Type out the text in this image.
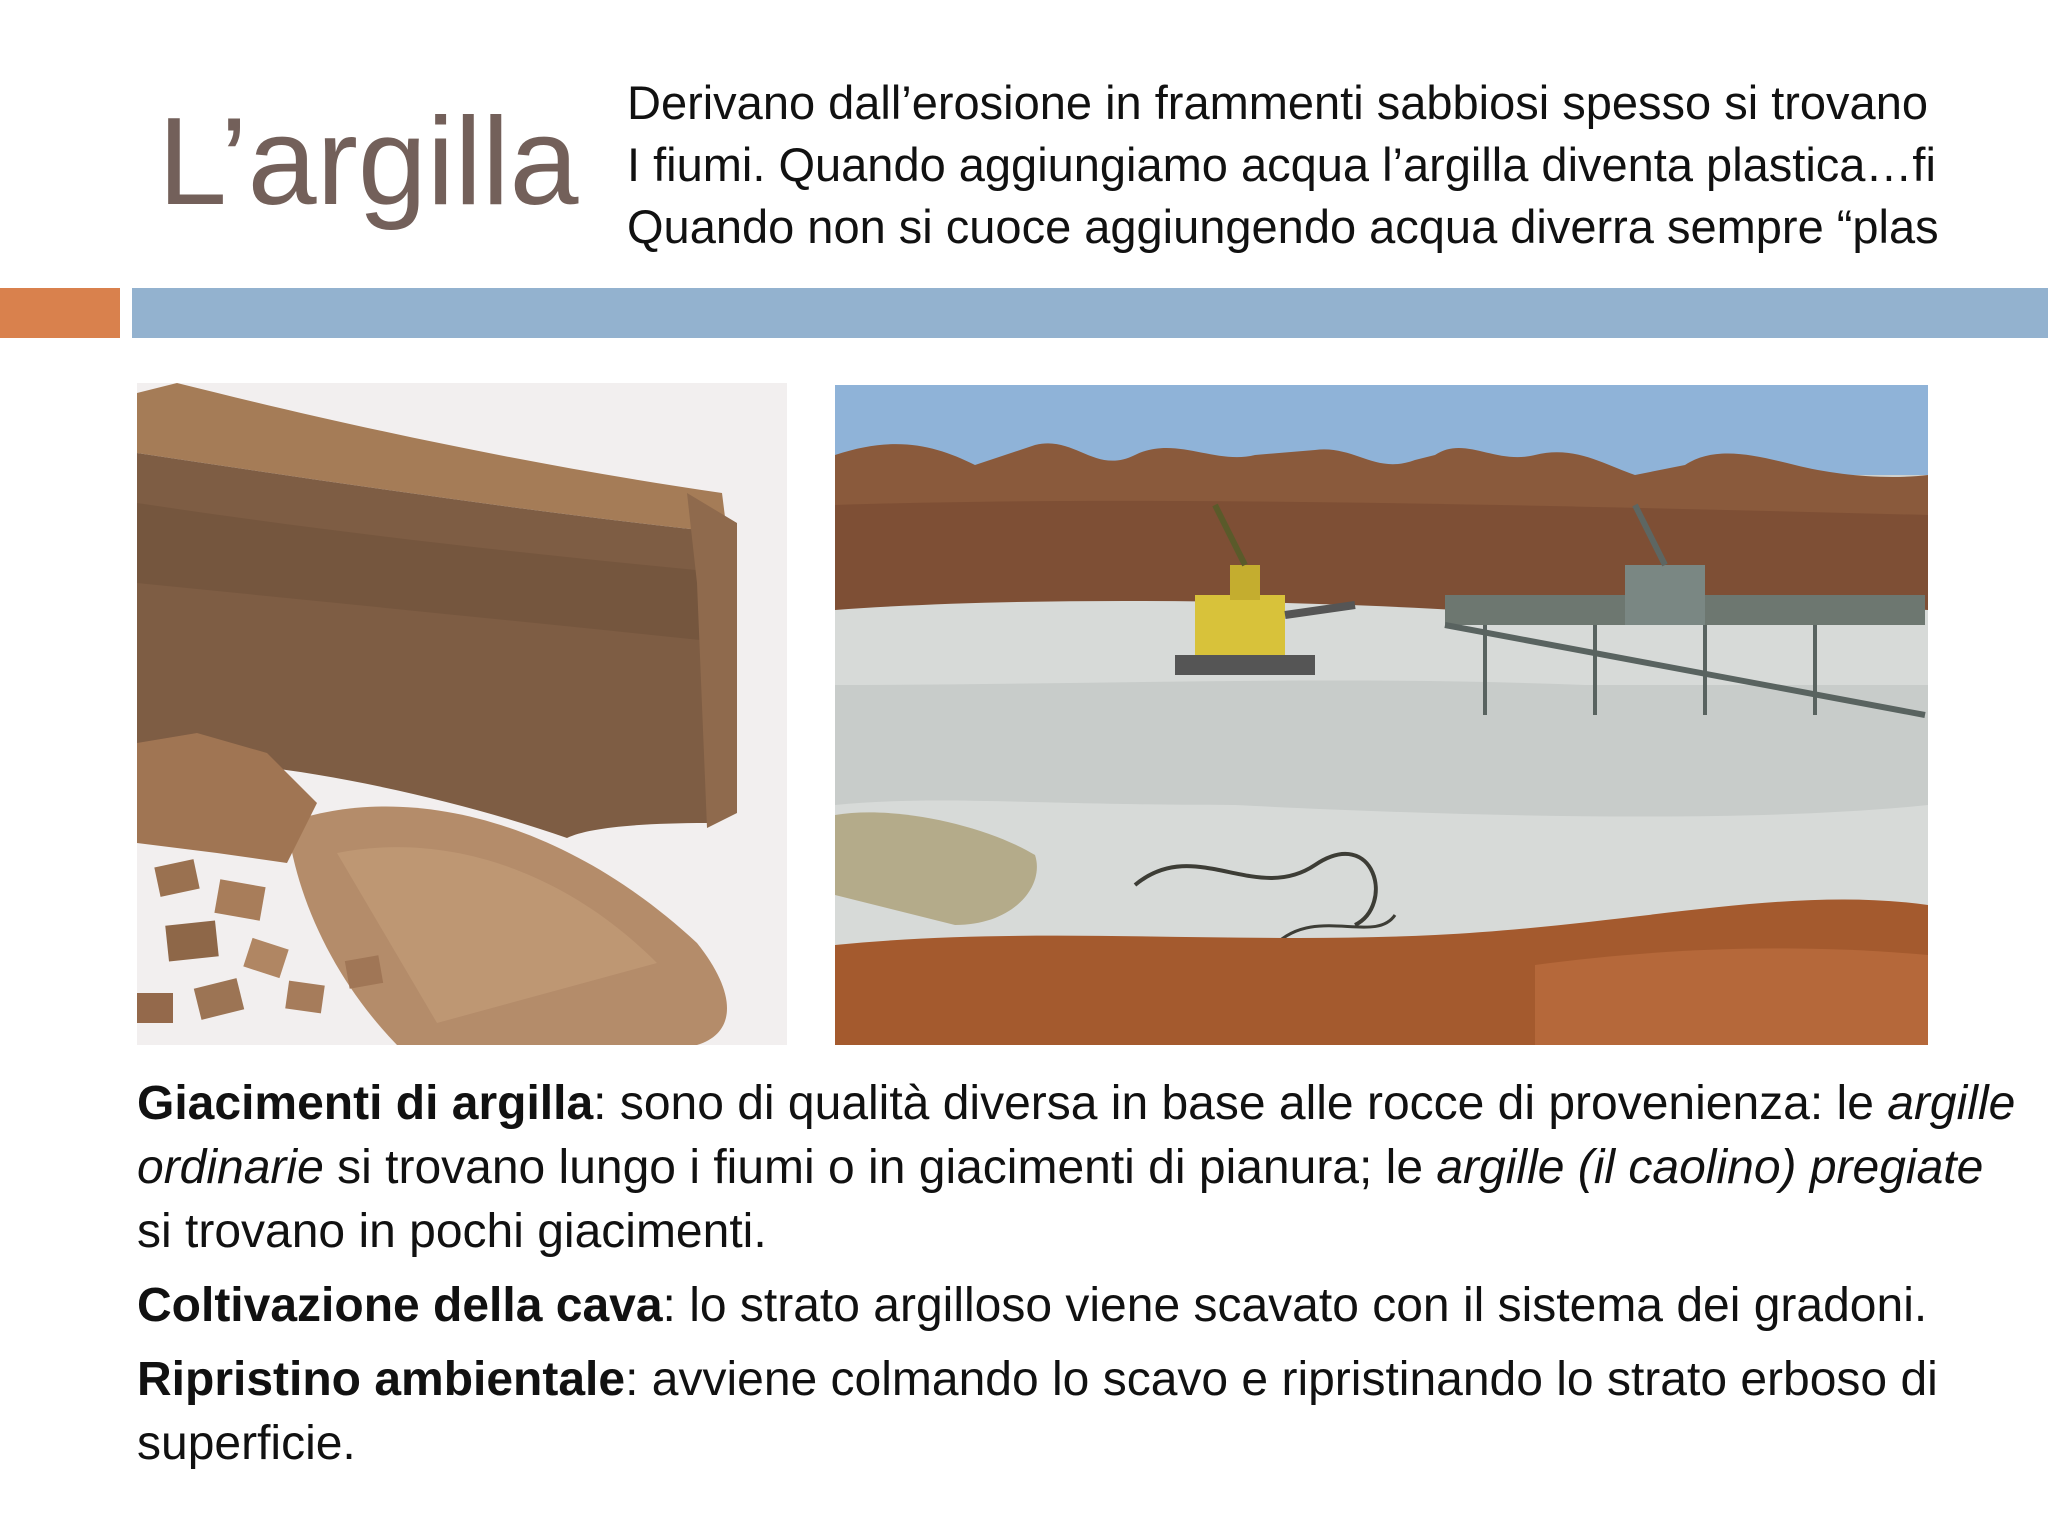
L’argilla Derivano dall’erosione in frammenti sabbiosi spesso si trovano
I fiumi. Quando aggiungiamo acqua l’argilla diventa plastica…fi
Quando non si cuoce aggiungendo acqua diverra sempre “plas

Giacimenti di argilla: sono di qualità diversa in base alle rocce di provenienza: le argille ordinarie si trovano lungo i fiumi o in giacimenti di pianura; le argille (il caolino) pregiate si trovano in pochi giacimenti.

Coltivazione della cava: lo strato argilloso viene scavato con il sistema dei gradoni.

Ripristino ambientale: avviene colmando lo scavo e ripristinando lo strato erboso di superficie.
